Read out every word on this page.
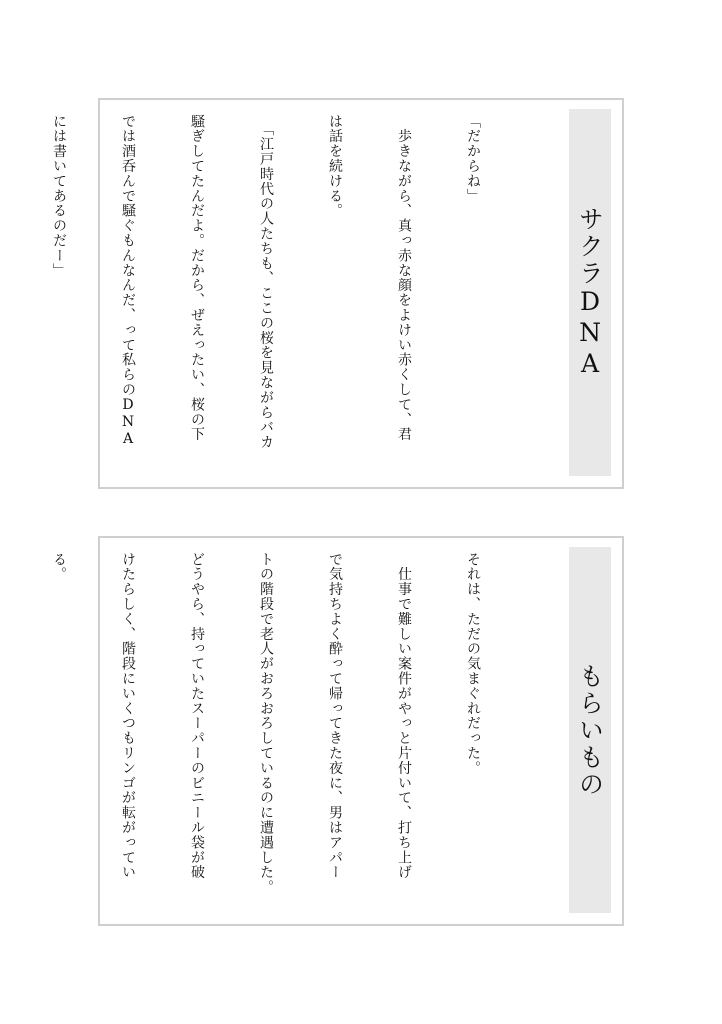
サクラDNA

「だからね」

　歩きながら、真っ赤な顔をよけい赤くして、君

は話を続ける。

　「江戸時代の人たちも、ここの桜を見ながらバカ

騒ぎしてたんだよ。だから、ぜえったい、桜の下

では酒呑んで騒ぐもんなんだ、って私らのDNA

には書いてあるのだー」

もらいもの

それは、ただの気まぐれだった。

　仕事で難しい案件がやっと片付いて、打ち上げ

で気持ちよく酔って帰ってきた夜に、男はアパー

トの階段で老人がおろおろしているのに遭遇した。

どうやら、持っていたスーパーのビニール袋が破

けたらしく、階段にいくつもリンゴが転がってい

る。
